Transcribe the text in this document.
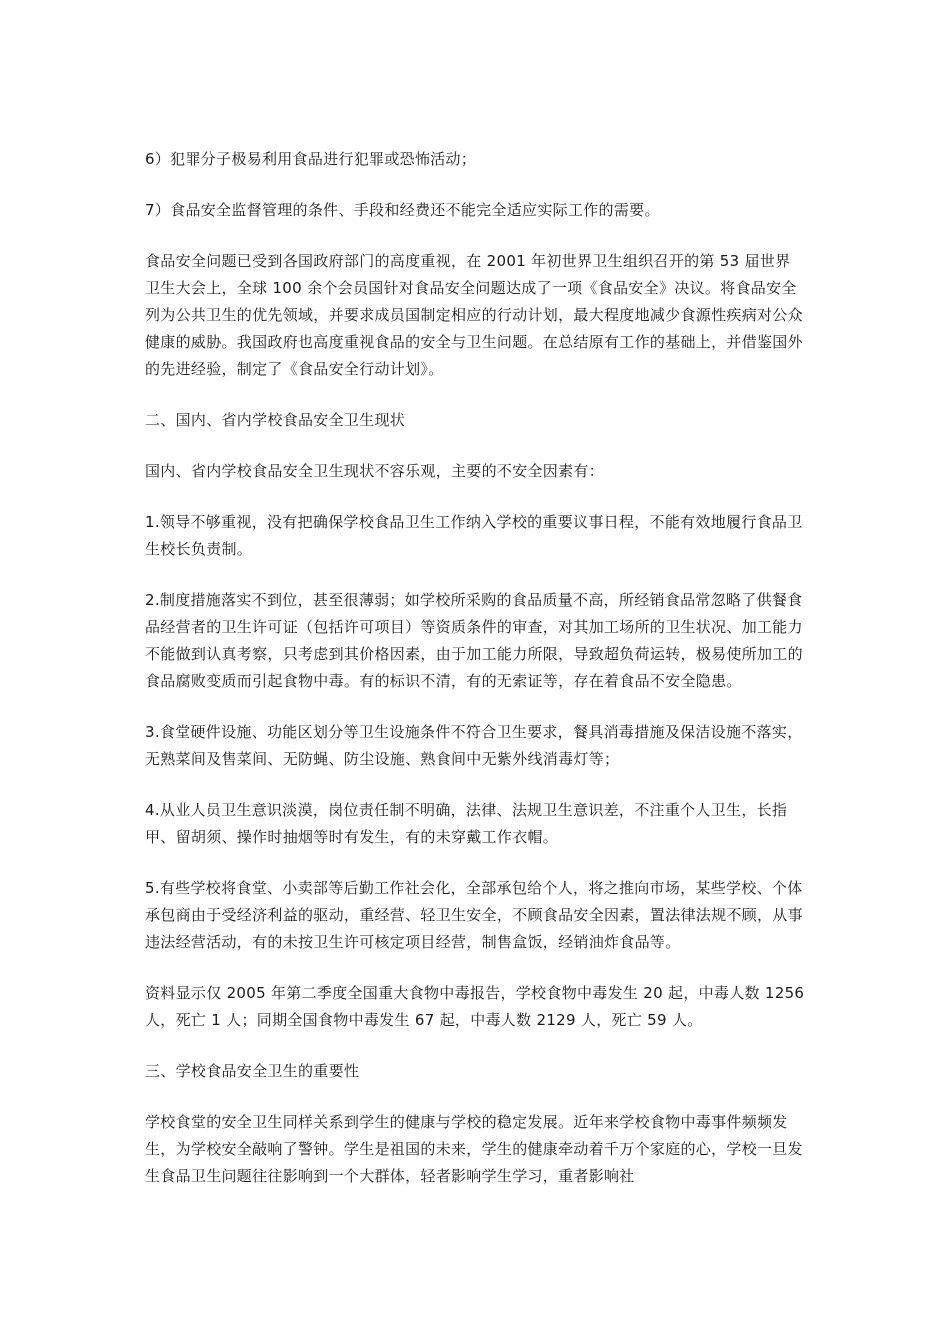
6）犯罪分子极易利用食品进行犯罪或恐怖活动；

7）食品安全监督管理的条件、手段和经费还不能完全适应实际工作的需要。

食品安全问题已受到各国政府部门的高度重视，在 2001 年初世界卫生组织召开的第 53 届世界卫生大会上，全球 100 余个会员国针对食品安全问题达成了一项《食品安全》决议。将食品安全列为公共卫生的优先领域，并要求成员国制定相应的行动计划，最大程度地减少食源性疾病对公众健康的威胁。我国政府也高度重视食品的安全与卫生问题。在总结原有工作的基础上，并借鉴国外的先进经验，制定了《食品安全行动计划》。

二、国内、省内学校食品安全卫生现状

国内、省内学校食品安全卫生现状不容乐观，主要的不安全因素有：

1.领导不够重视，没有把确保学校食品卫生工作纳入学校的重要议事日程，不能有效地履行食品卫生校长负责制。

2.制度措施落实不到位，甚至很薄弱；如学校所采购的食品质量不高，所经销食品常忽略了供餐食品经营者的卫生许可证（包括许可项目）等资质条件的审查，对其加工场所的卫生状况、加工能力不能做到认真考察，只考虑到其价格因素，由于加工能力所限，导致超负荷运转，极易使所加工的食品腐败变质而引起食物中毒。有的标识不清，有的无索证等，存在着食品不安全隐患。

3.食堂硬件设施、功能区划分等卫生设施条件不符合卫生要求，餐具消毒措施及保洁设施不落实，无熟菜间及售菜间、无防蝇、防尘设施、熟食间中无紫外线消毒灯等；

4.从业人员卫生意识淡漠，岗位责任制不明确，法律、法规卫生意识差，不注重个人卫生，长指甲、留胡须、操作时抽烟等时有发生，有的未穿戴工作衣帽。

5.有些学校将食堂、小卖部等后勤工作社会化，全部承包给个人，将之推向市场，某些学校、个体承包商由于受经济利益的驱动，重经营、轻卫生安全，不顾食品安全因素，置法律法规不顾，从事违法经营活动，有的未按卫生许可核定项目经营，制售盒饭，经销油炸食品等。

资料显示仅 2005 年第二季度全国重大食物中毒报告，学校食物中毒发生 20 起，中毒人数 1256 人，死亡 1 人；同期全国食物中毒发生 67 起，中毒人数 2129 人，死亡 59 人。

三、学校食品安全卫生的重要性

学校食堂的安全卫生同样关系到学生的健康与学校的稳定发展。近年来学校食物中毒事件频频发生，为学校安全敲响了警钟。学生是祖国的未来，学生的健康牵动着千万个家庭的心，学校一旦发生食品卫生问题往往影响到一个大群体，轻者影响学生学习，重者影响社
